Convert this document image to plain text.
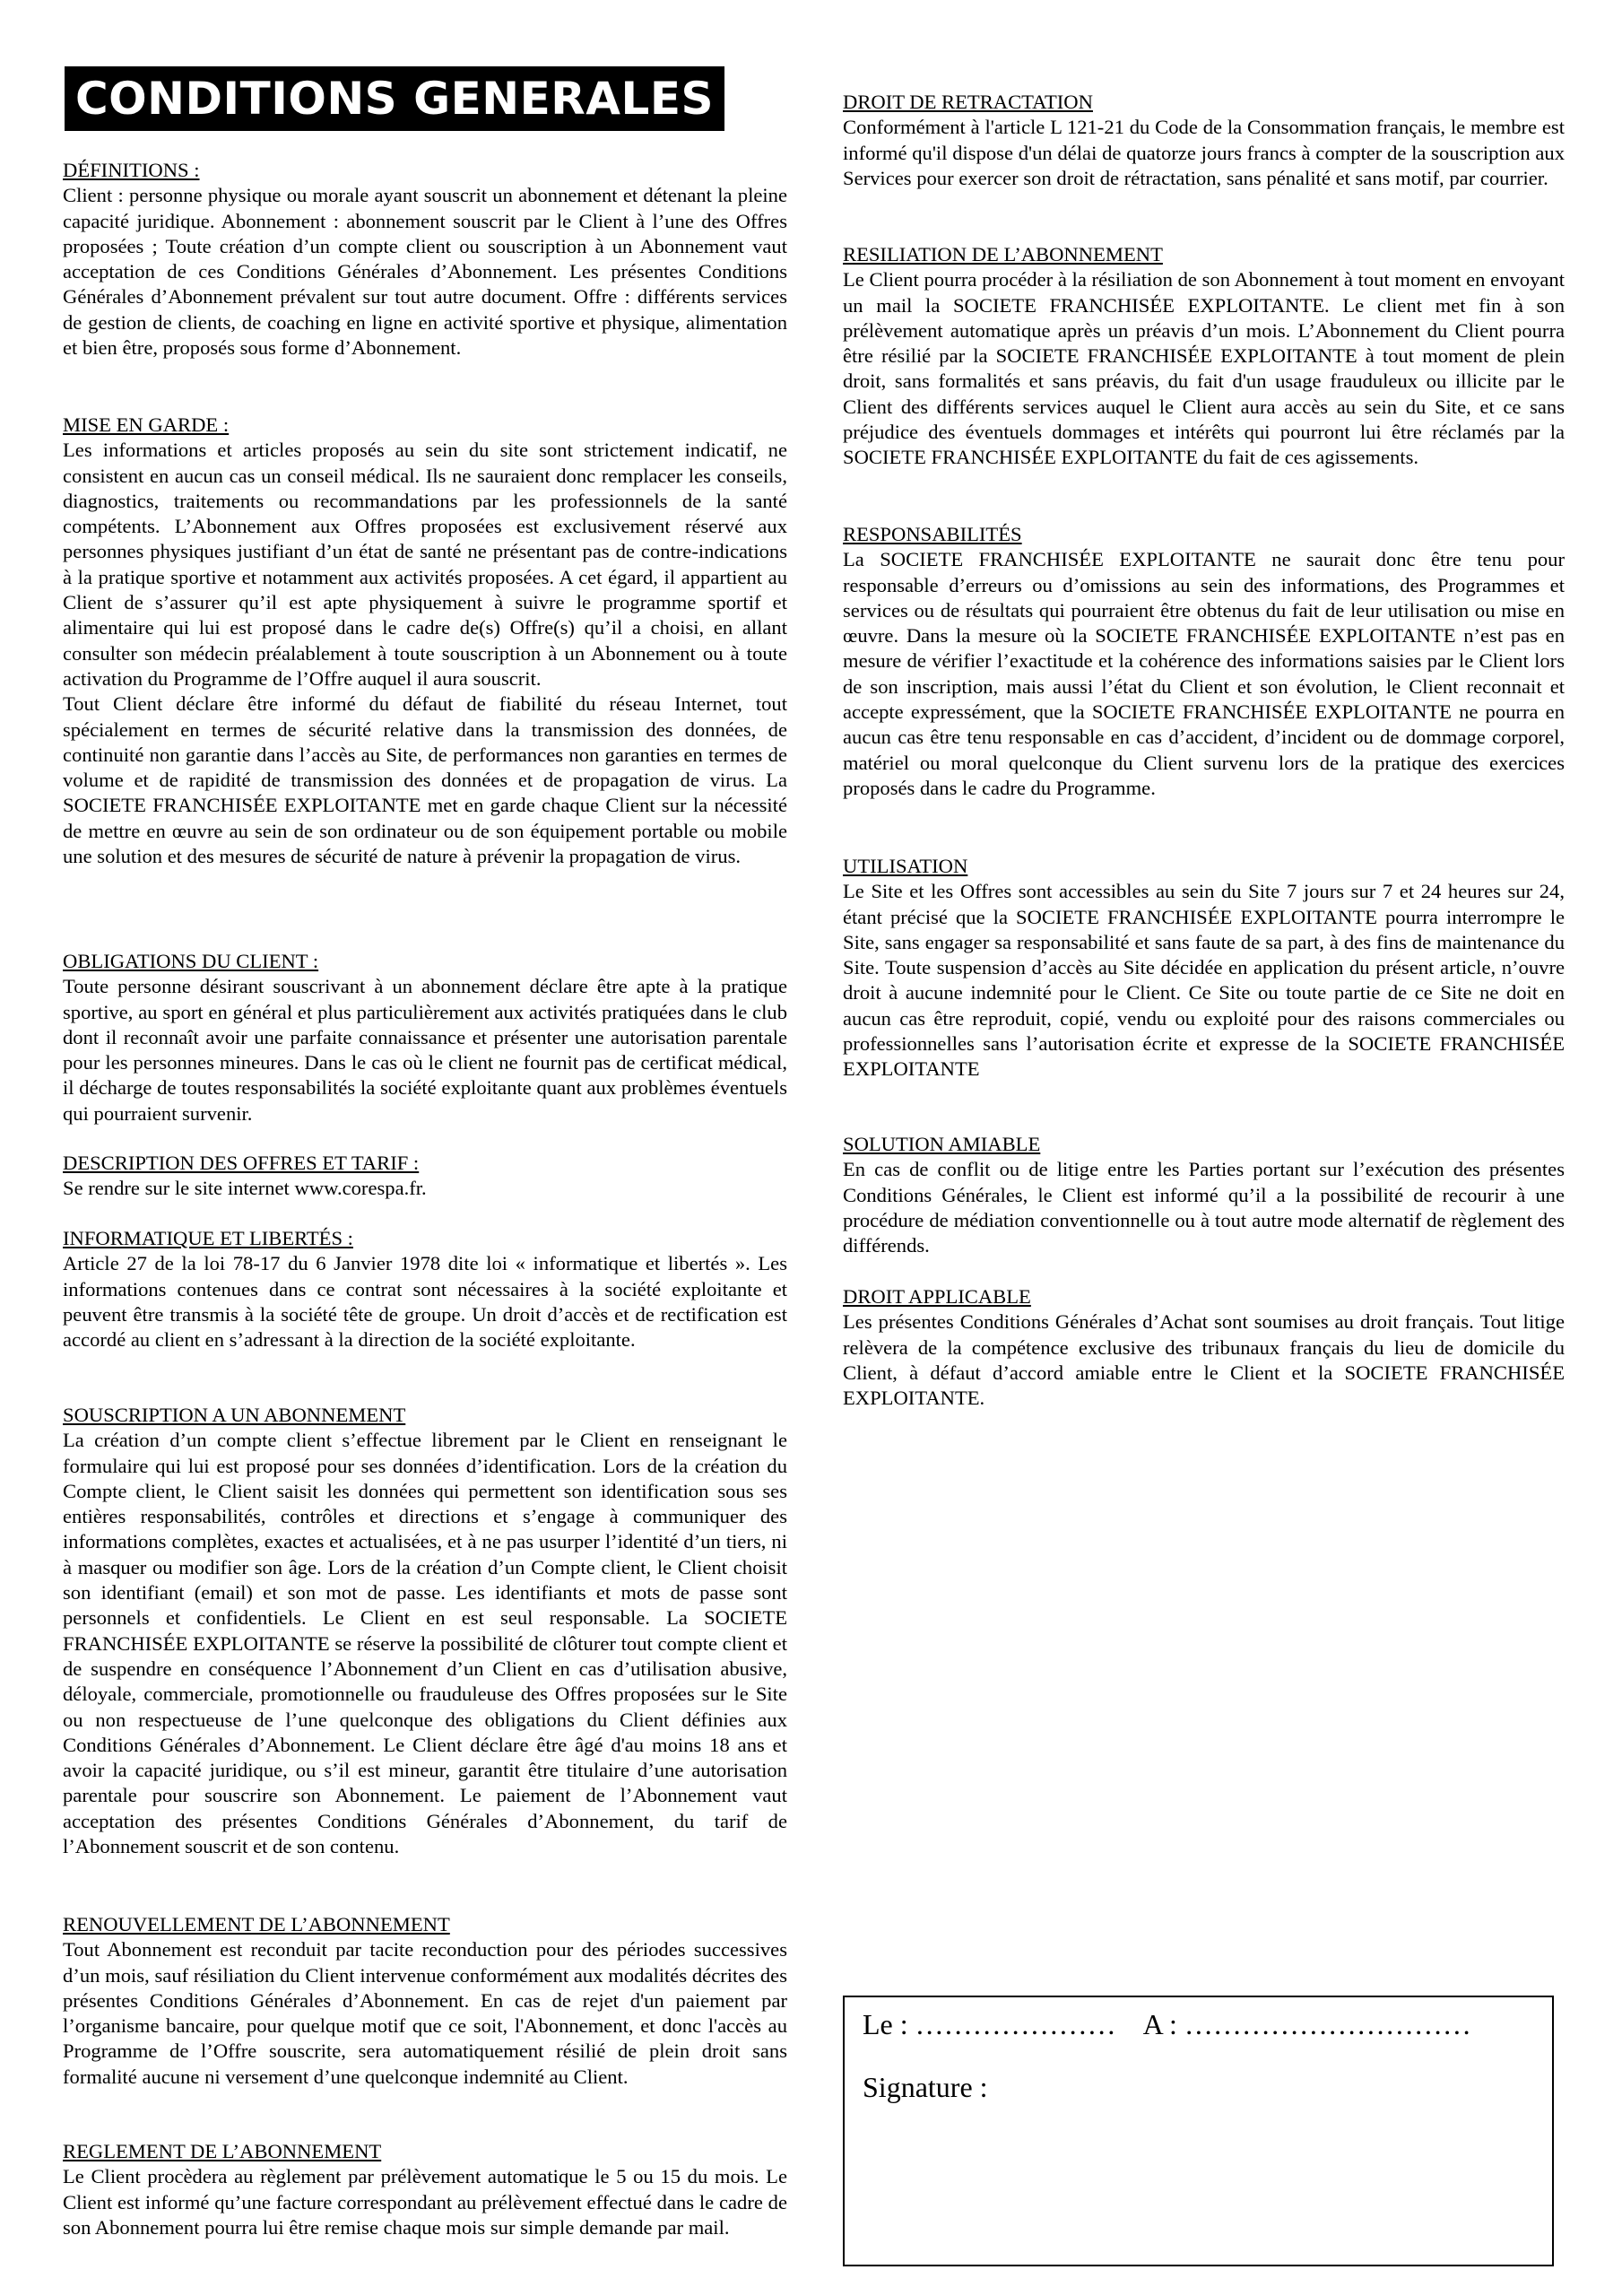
CONDITIONS GENERALES
DÉFINITIONS :

Client : personne physique ou morale ayant souscrit un abonnement et détenant la pleine capacité juridique. Abonnement : abonnement souscrit par le Client à l’une des Offres proposées ; Toute création d’un compte client ou souscription à un Abonnement vaut acceptation de ces Conditions Générales d’Abonnement. Les présentes Conditions Générales d’Abonnement prévalent sur tout autre document. Offre : différents services de gestion de clients, de coaching en ligne en activité sportive et physique, alimentation et bien être, proposés sous forme d’Abonnement.

MISE EN GARDE :

Les informations et articles proposés au sein du site sont strictement indicatif, ne consistent en aucun cas un conseil médical. Ils ne sauraient donc remplacer les conseils, diagnostics, traitements ou recommandations par les professionnels de la santé compétents. L’Abonnement aux Offres proposées est exclusivement réservé aux personnes physiques justifiant d’un état de santé ne présentant pas de contre-indications à la pratique sportive et notamment aux activités proposées. A cet égard, il appartient au Client de s’assurer qu’il est apte physiquement à suivre le programme sportif et alimentaire qui lui est proposé dans le cadre de(s) Offre(s) qu’il a choisi, en allant consulter son médecin préalablement à toute souscription à un Abonnement ou à toute activation du Programme de l’Offre auquel il aura souscrit.

Tout Client déclare être informé du défaut de fiabilité du réseau Internet, tout spécialement en termes de sécurité relative dans la transmission des données, de continuité non garantie dans l’accès au Site, de performances non garanties en termes de volume et de rapidité de transmission des données et de propagation de virus. La SOCIETE FRANCHISÉE EXPLOITANTE met en garde chaque Client sur la nécessité de mettre en œuvre au sein de son ordinateur ou de son équipement portable ou mobile une solution et des mesures de sécurité de nature à prévenir la propagation de virus.

OBLIGATIONS DU CLIENT :

Toute personne désirant souscrivant à un abonnement déclare être apte à la pratique sportive, au sport en général et plus particulièrement aux activités pratiquées dans le club dont il reconnaît avoir une parfaite connaissance et présenter une autorisation parentale pour les personnes mineures. Dans le cas où le client ne fournit pas de certificat médical, il décharge de toutes responsabilités la société exploitante quant aux problèmes éventuels qui pourraient survenir.

DESCRIPTION DES OFFRES ET TARIF :

Se rendre sur le site internet www.corespa.fr.

INFORMATIQUE ET LIBERTÉS :

Article 27 de la loi 78-17 du 6 Janvier 1978 dite loi « informatique et libertés ». Les informations contenues dans ce contrat sont nécessaires à la société exploitante et peuvent être transmis à la société tête de groupe. Un droit d’accès et de rectification est accordé au client en s’adressant à la direction de la société exploitante.

SOUSCRIPTION A UN ABONNEMENT

La création d’un compte client s’effectue librement par le Client en renseignant le formulaire qui lui est proposé pour ses données d’identification. Lors de la création du Compte client, le Client saisit les données qui permettent son identification sous ses entières responsabilités, contrôles et directions et s’engage à communiquer des informations complètes, exactes et actualisées, et à ne pas usurper l’identité d’un tiers, ni à masquer ou modifier son âge. Lors de la création d’un Compte client, le Client choisit son identifiant (email) et son mot de passe. Les identifiants et mots de passe sont personnels et confidentiels. Le Client en est seul responsable. La SOCIETE FRANCHISÉE EXPLOITANTE se réserve la possibilité de clôturer tout compte client et de suspendre en conséquence l’Abonnement d’un Client en cas d’utilisation abusive, déloyale, commerciale, promotionnelle ou frauduleuse des Offres proposées sur le Site ou non respectueuse de l’une quelconque des obligations du Client définies aux Conditions Générales d’Abonnement. Le Client déclare être âgé d'au moins 18 ans et avoir la capacité juridique, ou s’il est mineur, garantit être titulaire d’une autorisation parentale pour souscrire son Abonnement. Le paiement de l’Abonnement vaut acceptation des présentes Conditions Générales d’Abonnement, du tarif de l’Abonnement souscrit et de son contenu.

RENOUVELLEMENT DE L’ABONNEMENT

Tout Abonnement est reconduit par tacite reconduction pour des périodes successives d’un mois, sauf résiliation du Client intervenue conformément aux modalités décrites des présentes Conditions Générales d’Abonnement. En cas de rejet d'un paiement par l’organisme bancaire, pour quelque motif que ce soit, l'Abonnement, et donc l'accès au Programme de l’Offre souscrite, sera automatiquement résilié de plein droit sans formalité aucune ni versement d’une quelconque indemnité au Client.

REGLEMENT DE L’ABONNEMENT

Le Client procèdera au règlement par prélèvement automatique le 5 ou 15 du mois. Le Client est informé qu’une facture correspondant au prélèvement effectué dans le cadre de son Abonnement pourra lui être remise chaque mois sur simple demande par mail.

DROIT DE RETRACTATION

Conformément à l'article L 121-21 du Code de la Consommation français, le membre est informé qu'il dispose d'un délai de quatorze jours francs à compter de la souscription aux Services pour exercer son droit de rétractation, sans pénalité et sans motif, par courrier.

RESILIATION DE L’ABONNEMENT

Le Client pourra procéder à la résiliation de son Abonnement à tout moment en envoyant un mail la SOCIETE FRANCHISÉE EXPLOITANTE. Le client met fin à son prélèvement automatique après un préavis d’un mois. L’Abonnement du Client pourra être résilié par la SOCIETE FRANCHISÉE EXPLOITANTE à tout moment de plein droit, sans formalités et sans préavis, du fait d'un usage frauduleux ou illicite par le Client des différents services auquel le Client aura accès au sein du Site, et ce sans préjudice des éventuels dommages et intérêts qui pourront lui être réclamés par la SOCIETE FRANCHISÉE EXPLOITANTE du fait de ces agissements.

RESPONSABILITÉS

La SOCIETE FRANCHISÉE EXPLOITANTE ne saurait donc être tenu pour responsable d’erreurs ou d’omissions au sein des informations, des Programmes et services ou de résultats qui pourraient être obtenus du fait de leur utilisation ou mise en œuvre. Dans la mesure où la SOCIETE FRANCHISÉE EXPLOITANTE n’est pas en mesure de vérifier l’exactitude et la cohérence des informations saisies par le Client lors de son inscription, mais aussi l’état du Client et son évolution, le Client reconnait et accepte expressément, que la SOCIETE FRANCHISÉE EXPLOITANTE ne pourra en aucun cas être tenu responsable en cas d’accident, d’incident ou de dommage corporel, matériel ou moral quelconque du Client survenu lors de la pratique des exercices proposés dans le cadre du Programme.

UTILISATION

Le Site et les Offres sont accessibles au sein du Site 7 jours sur 7 et 24 heures sur 24, étant précisé que la SOCIETE FRANCHISÉE EXPLOITANTE pourra interrompre le Site, sans engager sa responsabilité et sans faute de sa part, à des fins de maintenance du Site. Toute suspension d’accès au Site décidée en application du présent article, n’ouvre droit à aucune indemnité pour le Client. Ce Site ou toute partie de ce Site ne doit en aucun cas être reproduit, copié, vendu ou exploité pour des raisons commerciales ou professionnelles sans l’autorisation écrite et expresse de la SOCIETE FRANCHISÉE EXPLOITANTE

SOLUTION AMIABLE

En cas de conflit ou de litige entre les Parties portant sur l’exécution des présentes Conditions Générales, le Client est informé qu’il a la possibilité de recourir à une procédure de médiation conventionnelle ou à tout autre mode alternatif de règlement des différends.

DROIT APPLICABLE

Les présentes Conditions Générales d’Achat sont soumises au droit français. Tout litige relèvera de la compétence exclusive des tribunaux français du lieu de domicile du Client, à défaut d’accord amiable entre le Client et la SOCIETE FRANCHISÉE EXPLOITANTE.

Le : ………………… A : …………………………
Signature :
